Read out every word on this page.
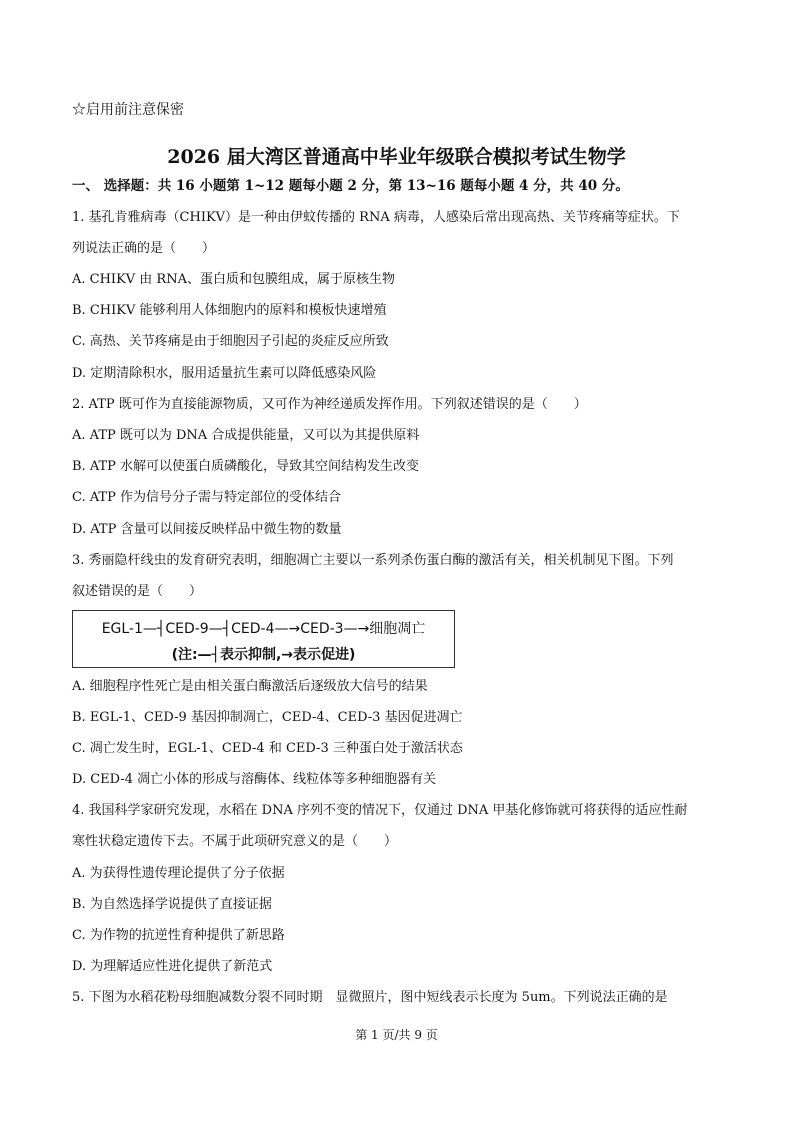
☆启用前注意保密
2026 届大湾区普通高中毕业年级联合模拟考试生物学
一、 选择题：共 16 小题第 1~12 题每小题 2 分，第 13~16 题每小题 4 分，共 40 分。
1. 基孔肯雅病毒（CHIKV）是一种由伊蚊传播的 RNA 病毒，人感染后常出现高热、关节疼痛等症状。下
列说法正确的是（　　）
A. CHIKV 由 RNA、蛋白质和包膜组成，属于原核生物
B. CHIKV 能够利用人体细胞内的原料和模板快速增殖
C. 高热、关节疼痛是由于细胞因子引起的炎症反应所致
D. 定期清除积水，服用适量抗生素可以降低感染风险
2. ATP 既可作为直接能源物质，又可作为神经递质发挥作用。下列叙述错误的是（　　）
A. ATP 既可以为 DNA 合成提供能量，又可以为其提供原料
B. ATP 水解可以使蛋白质磷酸化，导致其空间结构发生改变
C. ATP 作为信号分子需与特定部位的受体结合
D. ATP 含量可以间接反映样品中微生物的数量
3. 秀丽隐杆线虫的发育研究表明，细胞凋亡主要以一系列杀伤蛋白酶的激活有关，相关机制见下图。下列
叙述错误的是（　　）
EGL-1—┤CED-9—┤CED-4—→CED-3—→细胞凋亡
(注:—┤表示抑制,→表示促进)
A. 细胞程序性死亡是由相关蛋白酶激活后逐级放大信号的结果
B. EGL-1、CED-9 基因抑制凋亡，CED-4、CED-3 基因促进凋亡
C. 凋亡发生时，EGL-1、CED-4 和 CED-3 三种蛋白处于激活状态
D. CED-4 凋亡小体的形成与溶酶体、线粒体等多种细胞器有关
4. 我国科学家研究发现，水稻在 DNA 序列不变的情况下，仅通过 DNA 甲基化修饰就可将获得的适应性耐
寒性状稳定遗传下去。不属于此项研究意义的是（　　）
A. 为获得性遗传理论提供了分子依据
B. 为自然选择学说提供了直接证据
C. 为作物的抗逆性育种提供了新思路
D. 为理解适应性进化提供了新范式
5. 下图为水稻花粉母细胞减数分裂不同时期　显微照片，图中短线表示长度为 5um。下列说法正确的是
第 1 页/共 9 页
